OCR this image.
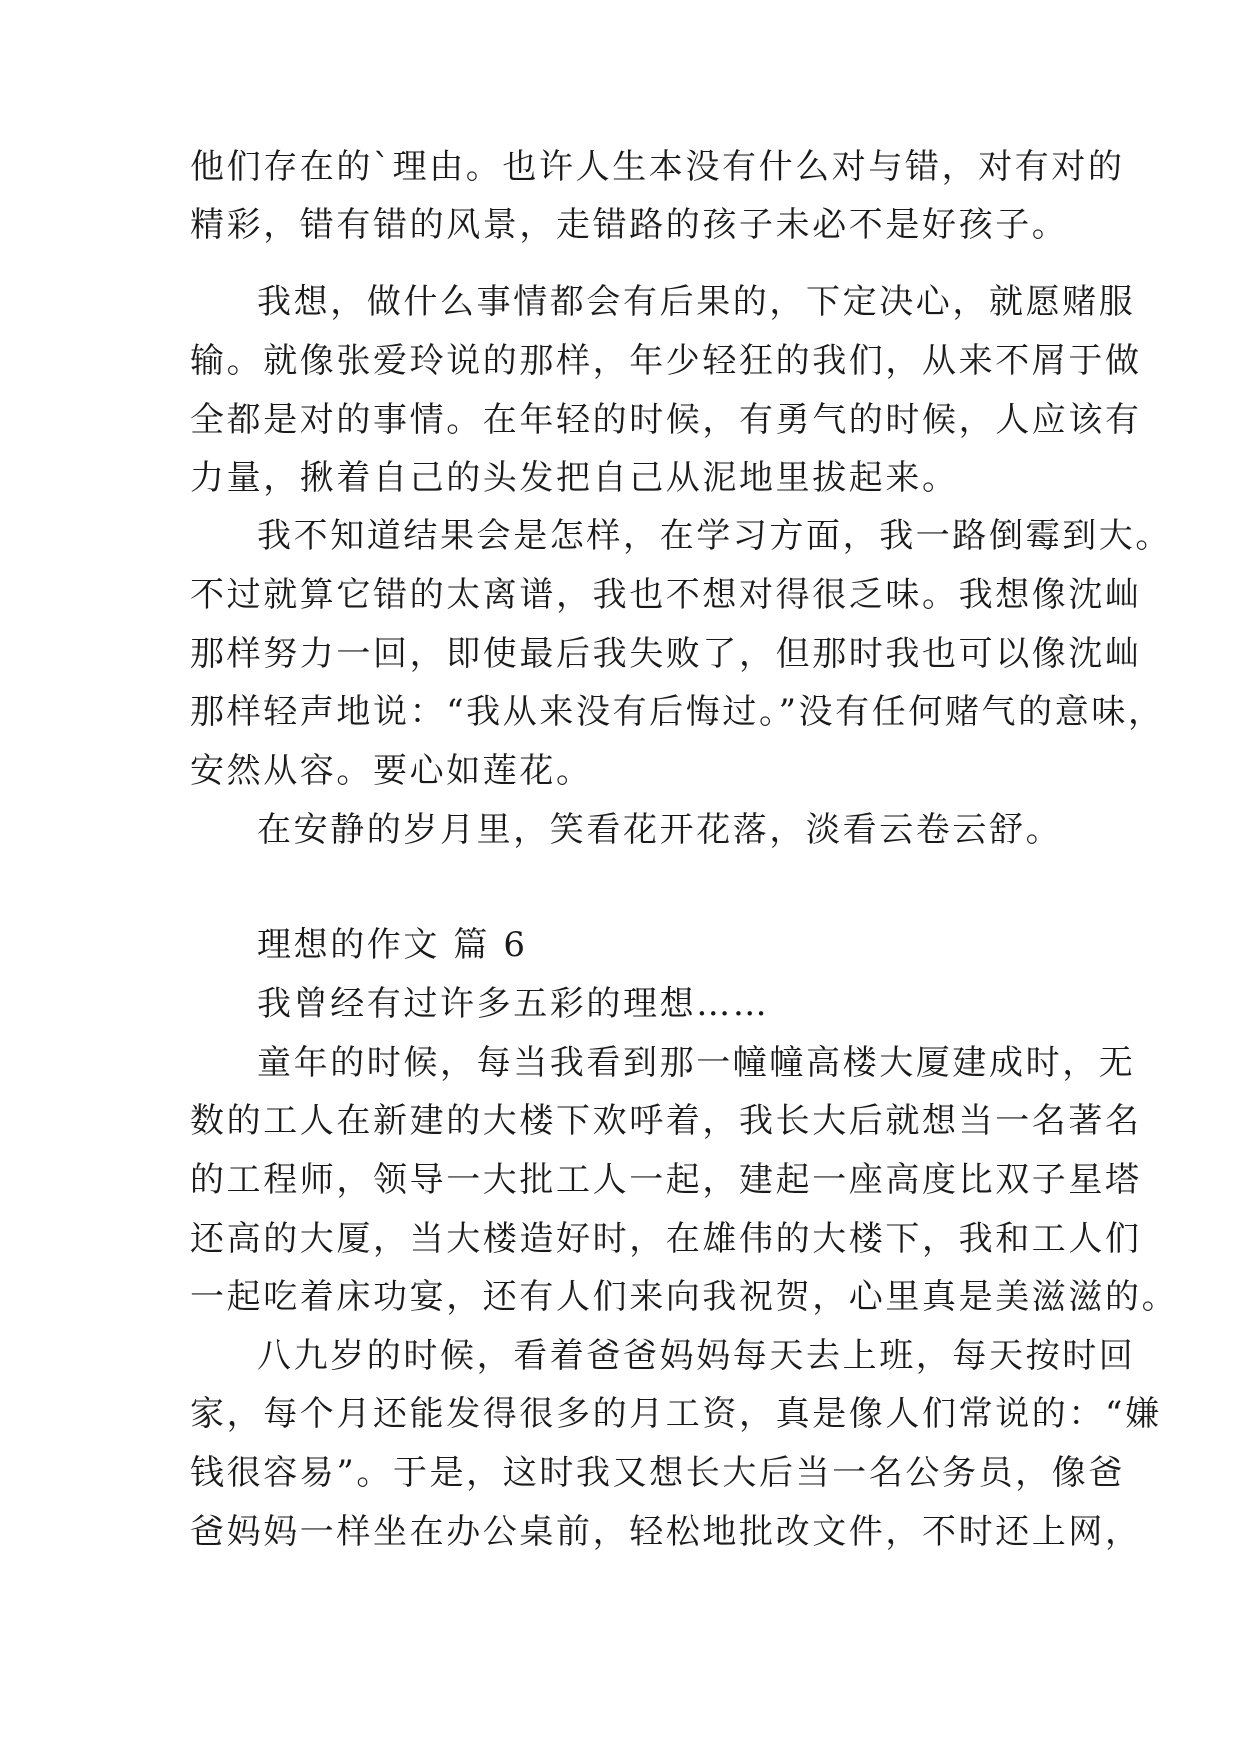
他们存在的`理由。也许人生本没有什么对与错，对有对的
精彩，错有错的风景，走错路的孩子未必不是好孩子。
我想，做什么事情都会有后果的，下定决心，就愿赌服
输。就像张爱玲说的那样，年少轻狂的我们，从来不屑于做
全都是对的事情。在年轻的时候，有勇气的时候，人应该有
力量，揪着自己的头发把自己从泥地里拔起来。
我不知道结果会是怎样，在学习方面，我一路倒霉到大。
不过就算它错的太离谱，我也不想对得很乏味。我想像沈屾
那样努力一回，即使最后我失败了，但那时我也可以像沈屾
那样轻声地说：“我从来没有后悔过。”没有任何赌气的意味，
安然从容。要心如莲花。
在安静的岁月里，笑看花开花落，淡看云卷云舒。
理想的作文 篇 6
我曾经有过许多五彩的理想……
童年的时候，每当我看到那一幢幢高楼大厦建成时，无
数的工人在新建的大楼下欢呼着，我长大后就想当一名著名
的工程师，领导一大批工人一起，建起一座高度比双子星塔
还高的大厦，当大楼造好时，在雄伟的大楼下，我和工人们
一起吃着床功宴，还有人们来向我祝贺，心里真是美滋滋的。
八九岁的时候，看着爸爸妈妈每天去上班，每天按时回
家，每个月还能发得很多的月工资，真是像人们常说的：“嫌
钱很容易”。于是，这时我又想长大后当一名公务员，像爸
爸妈妈一样坐在办公桌前，轻松地批改文件，不时还上网，
